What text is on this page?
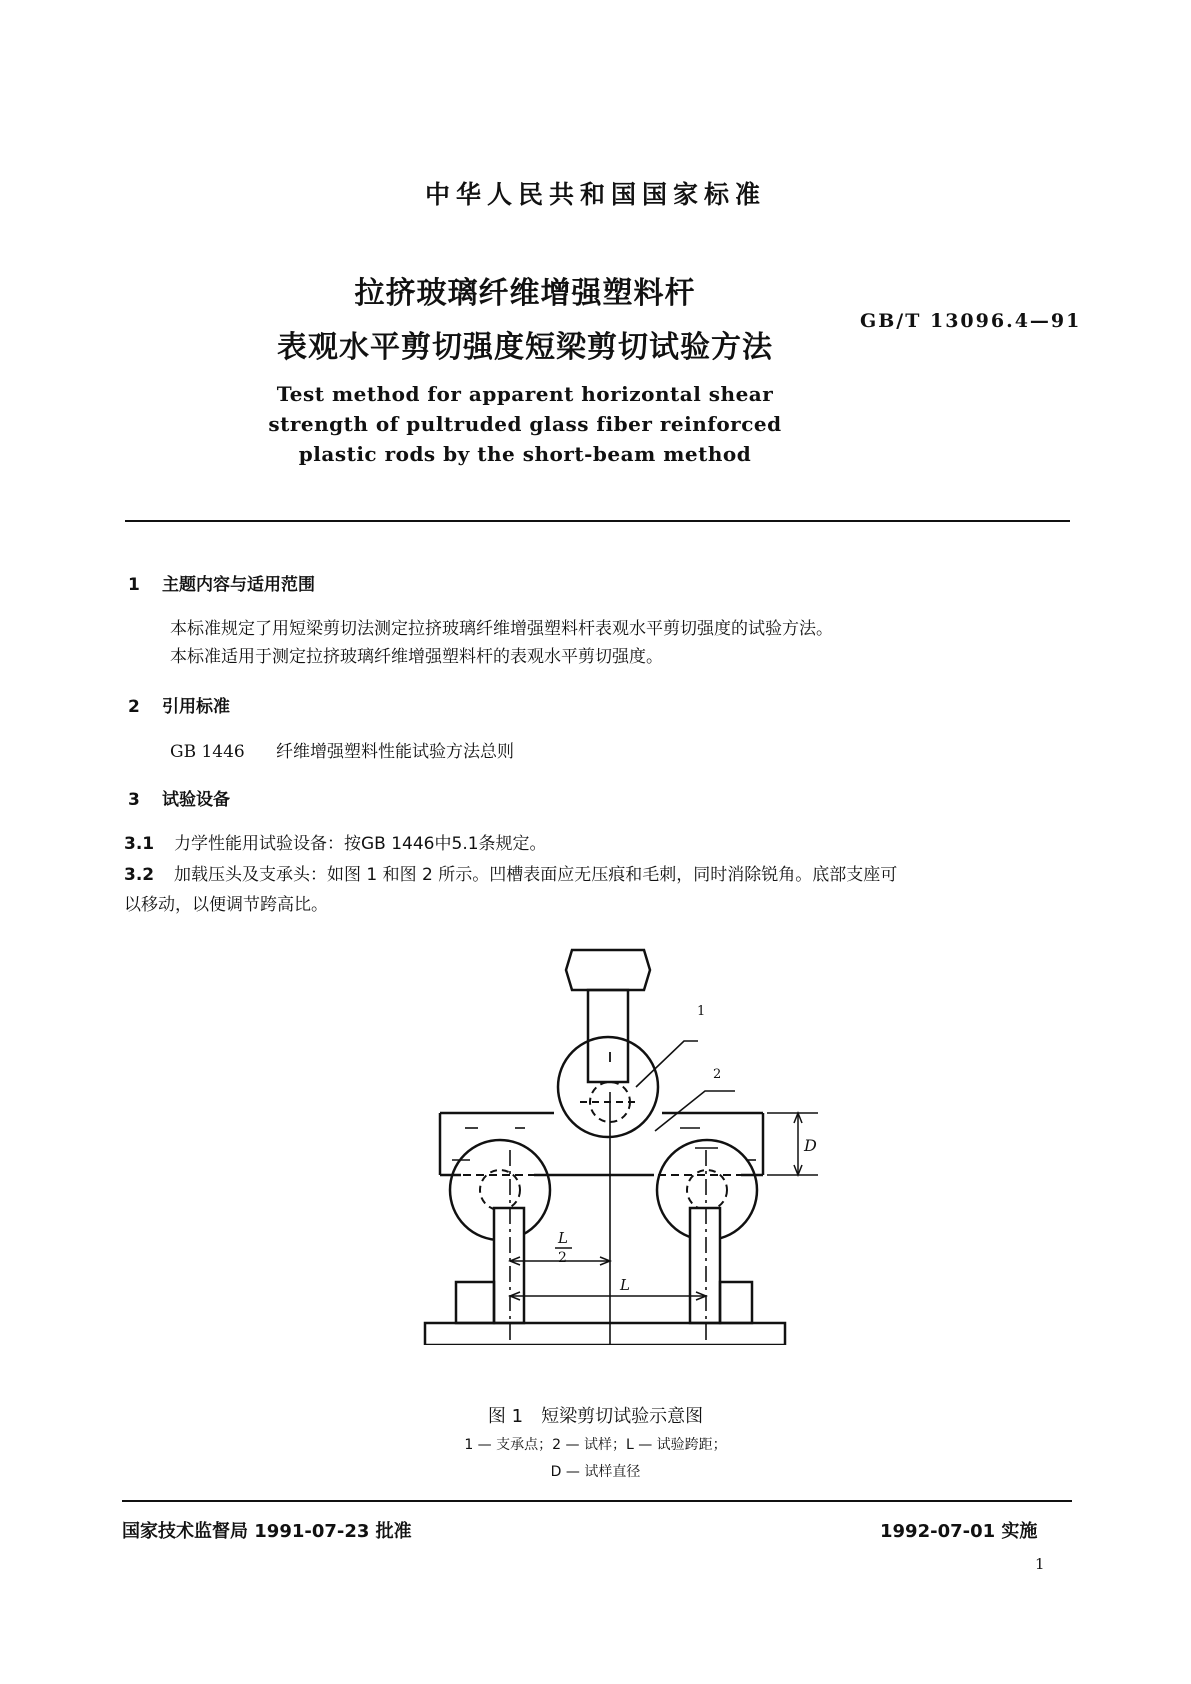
中华人民共和国国家标准
拉挤玻璃纤维增强塑料杆
表观水平剪切强度短梁剪切试验方法
GB/T 13096.4—91
Test method for apparent horizontal shear
strength of pultruded glass fiber reinforced
plastic rods by the short-beam method
1 主题内容与适用范围
本标准规定了用短梁剪切法测定拉挤玻璃纤维增强塑料杆表观水平剪切强度的试验方法。
本标准适用于测定拉挤玻璃纤维增强塑料杆的表观水平剪切强度。
2 引用标准
GB 1446 纤维增强塑料性能试验方法总则
3 试验设备
3.1 力学性能用试验设备：按GB 1446中5.1条规定。
3.2 加载压头及支承头：如图 1 和图 2 所示。凹槽表面应无压痕和毛刺，同时消除锐角。底部支座可
以移动，以便调节跨高比。
1
2
D
L
2
L
图 1　短梁剪切试验示意图
1 — 支承点；2 — 试样；L — 试验跨距；
D — 试样直径
国家技术监督局 1991-07-23 批准	1992-07-01 实施
1
